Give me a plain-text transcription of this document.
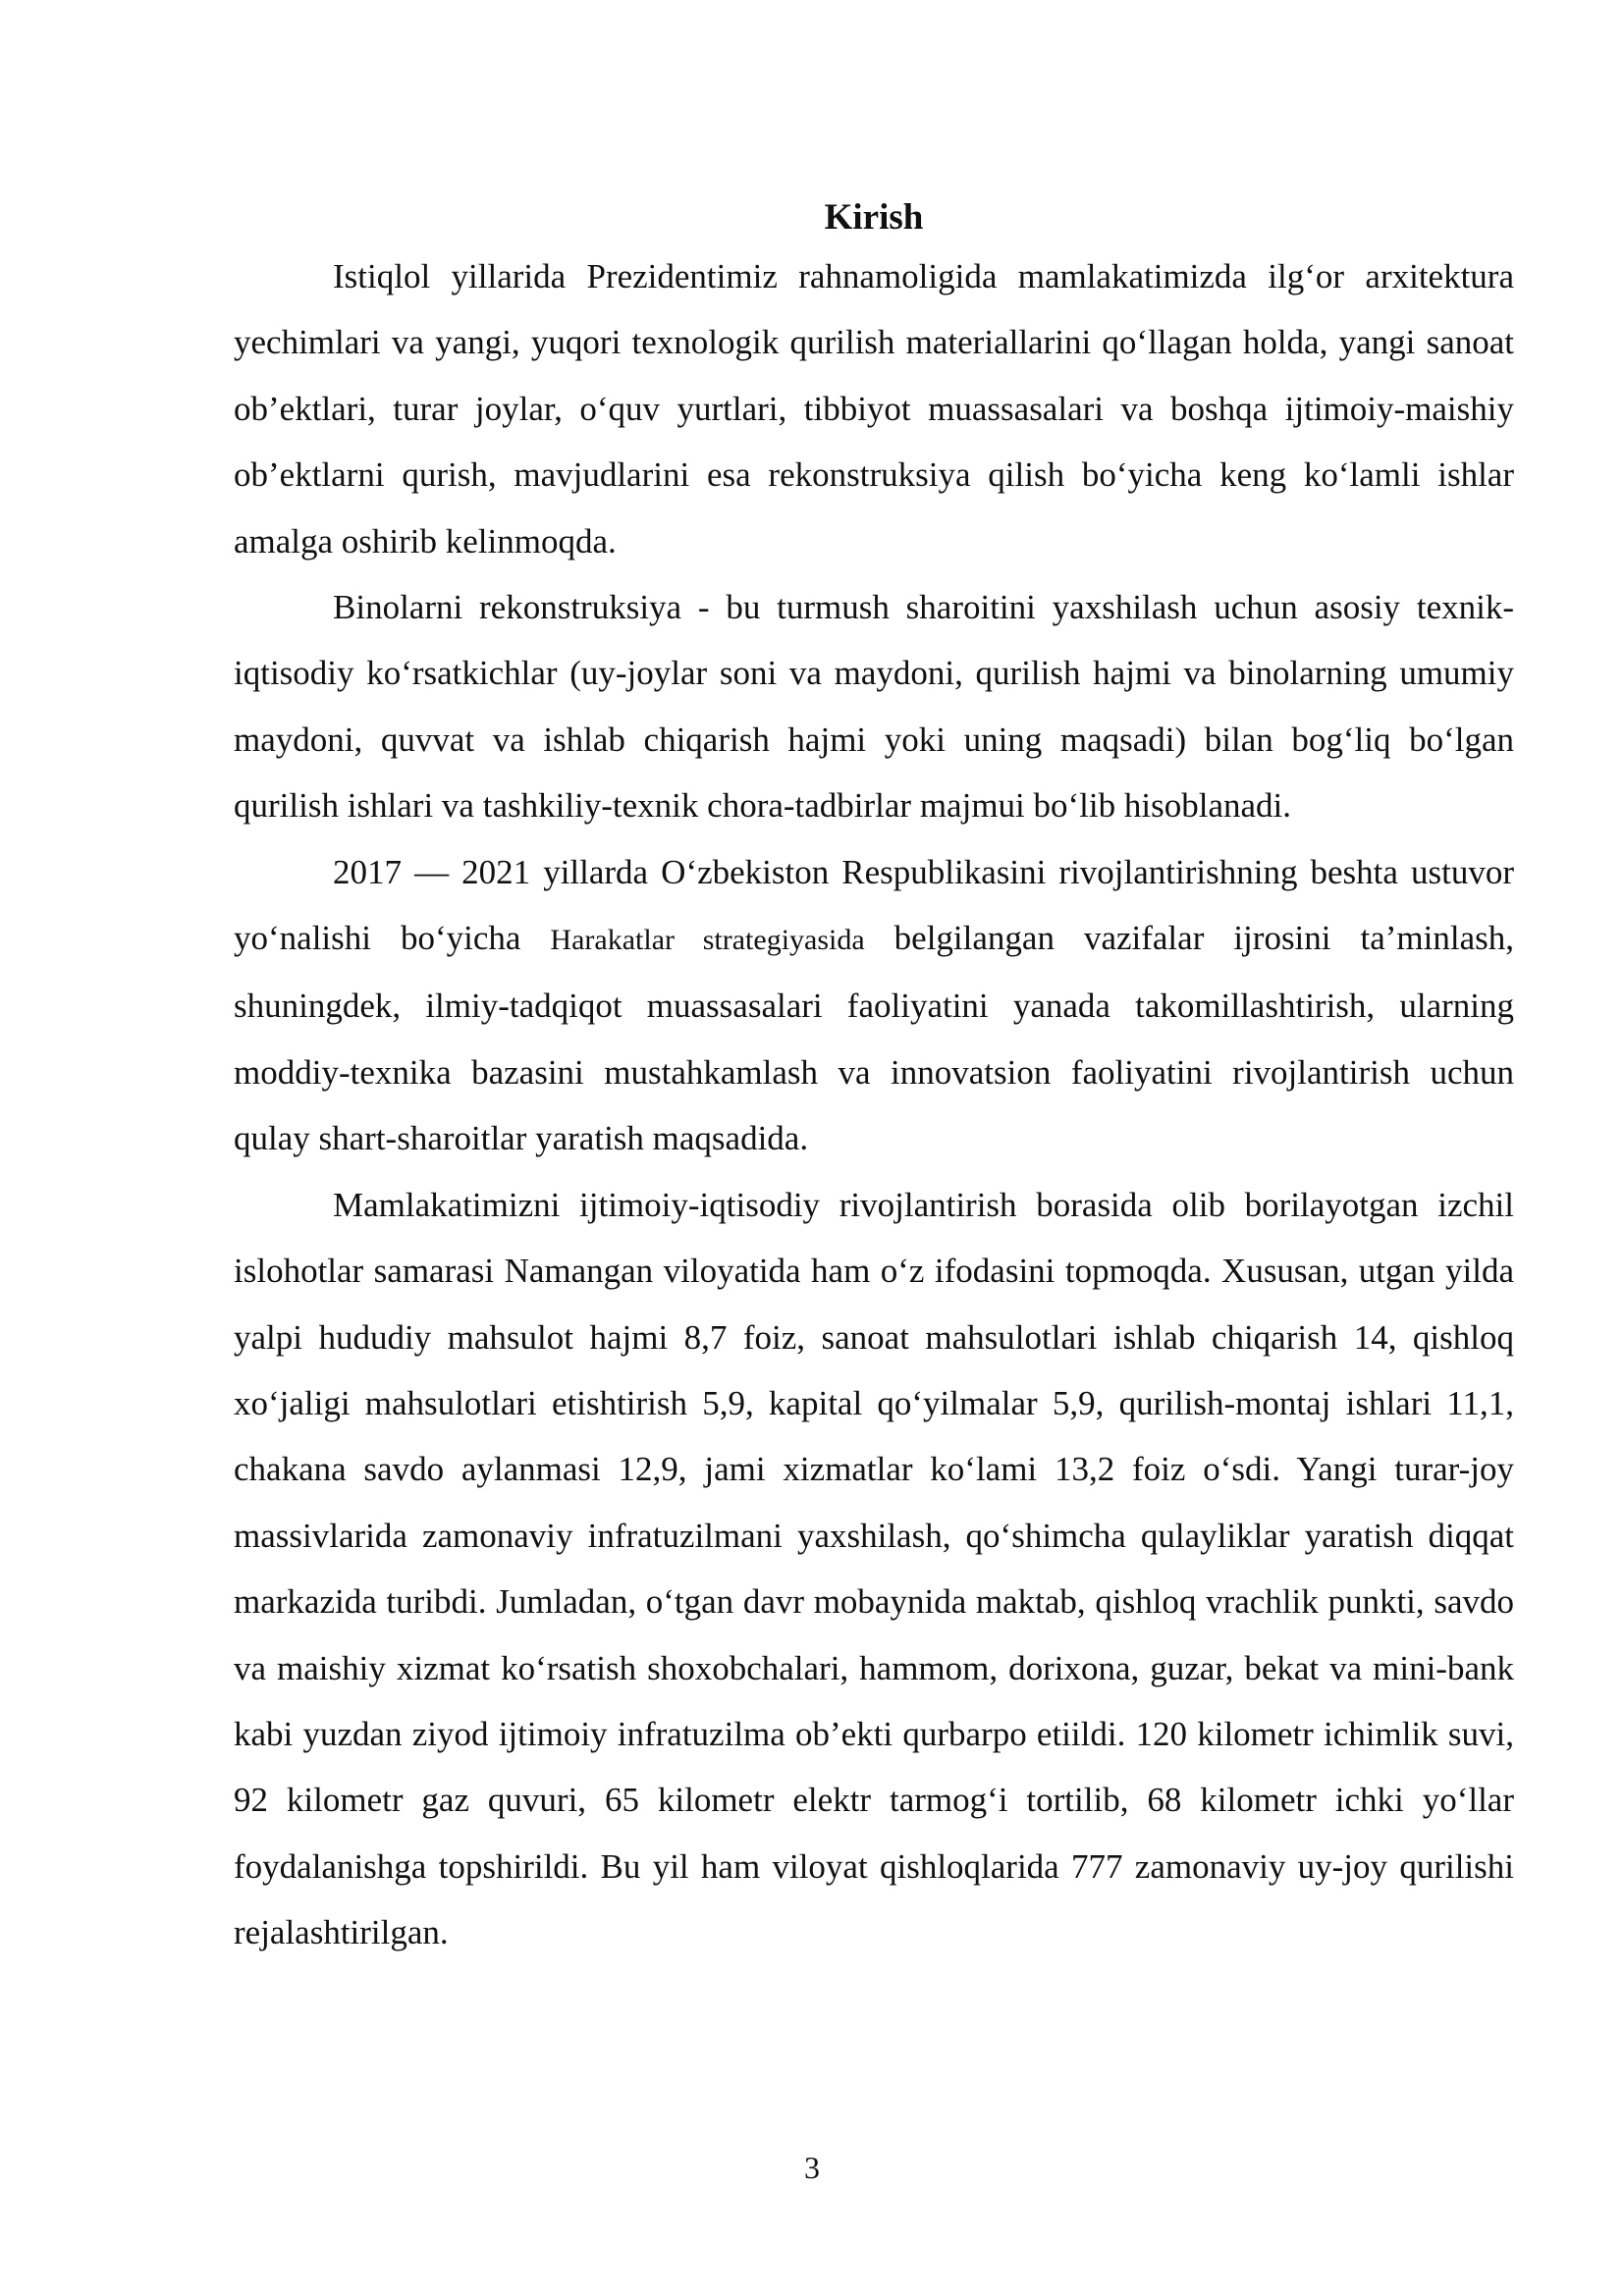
Kirish

Istiqlol yillarida Prezidentimiz rahnamoligida mamlakatimizda ilg‘or arxitektura yechimlari va yangi, yuqori texnologik qurilish materiallarini qo‘llagan holda, yangi sanoat ob’ektlari, turar joylar, o‘quv yurtlari, tibbiyot muassasalari va boshqa ijtimoiy-maishiy ob’ektlarni qurish, mavjudlarini esa rekonstruksiya qilish bo‘yicha keng ko‘lamli ishlar amalga oshirib kelinmoqda.

Binolarni rekonstruksiya - bu turmush sharoitini yaxshilash uchun asosiy texnik-iqtisodiy ko‘rsatkichlar (uy-joylar soni va maydoni, qurilish hajmi va binolarning umumiy maydoni, quvvat va ishlab chiqarish hajmi yoki uning maqsadi) bilan bog‘liq bo‘lgan qurilish ishlari va tashkiliy-texnik chora-tadbirlar majmui bo‘lib hisoblanadi.

2017 — 2021 yillarda O‘zbekiston Respublikasini rivojlantirishning beshta ustuvor yo‘nalishi bo‘yicha Harakatlar strategiyasida belgilangan vazifalar ijrosini ta’minlash, shuningdek, ilmiy-tadqiqot muassasalari faoliyatini yanada takomillashtirish, ularning moddiy-texnika bazasini mustahkamlash va innovatsion faoliyatini rivojlantirish uchun qulay shart-sharoitlar yaratish maqsadida.

Mamlakatimizni ijtimoiy-iqtisodiy rivojlantirish borasida olib borilayotgan izchil islohotlar samarasi Namangan viloyatida ham o‘z ifodasini topmoqda. Xususan, utgan yilda yalpi hududiy mahsulot hajmi 8,7 foiz, sanoat mahsulotlari ishlab chiqarish 14, qishloq xo‘jaligi mahsulotlari etishtirish 5,9, kapital qo‘yilmalar 5,9, qurilish-montaj ishlari 11,1, chakana savdo aylanmasi 12,9, jami xizmatlar ko‘lami 13,2 foiz o‘sdi. Yangi turar-joy massivlarida zamonaviy infratuzilmani yaxshilash, qo‘shimcha qulayliklar yaratish diqqat markazida turibdi. Jumladan, o‘tgan davr mobaynida maktab, qishloq vrachlik punkti, savdo va maishiy xizmat ko‘rsatish shoxobchalari, hammom, dorixona, guzar, bekat va mini-bank kabi yuzdan ziyod ijtimoiy infratuzilma ob’ekti qurbarpo etiildi. 120 kilometr ichimlik suvi, 92 kilometr gaz quvuri, 65 kilometr elektr tarmog‘i tortilib, 68 kilometr ichki yo‘llar foydalanishga topshirildi. Bu yil ham viloyat qishloqlarida 777 zamonaviy uy-joy qurilishi rejalashtirilgan.

3
